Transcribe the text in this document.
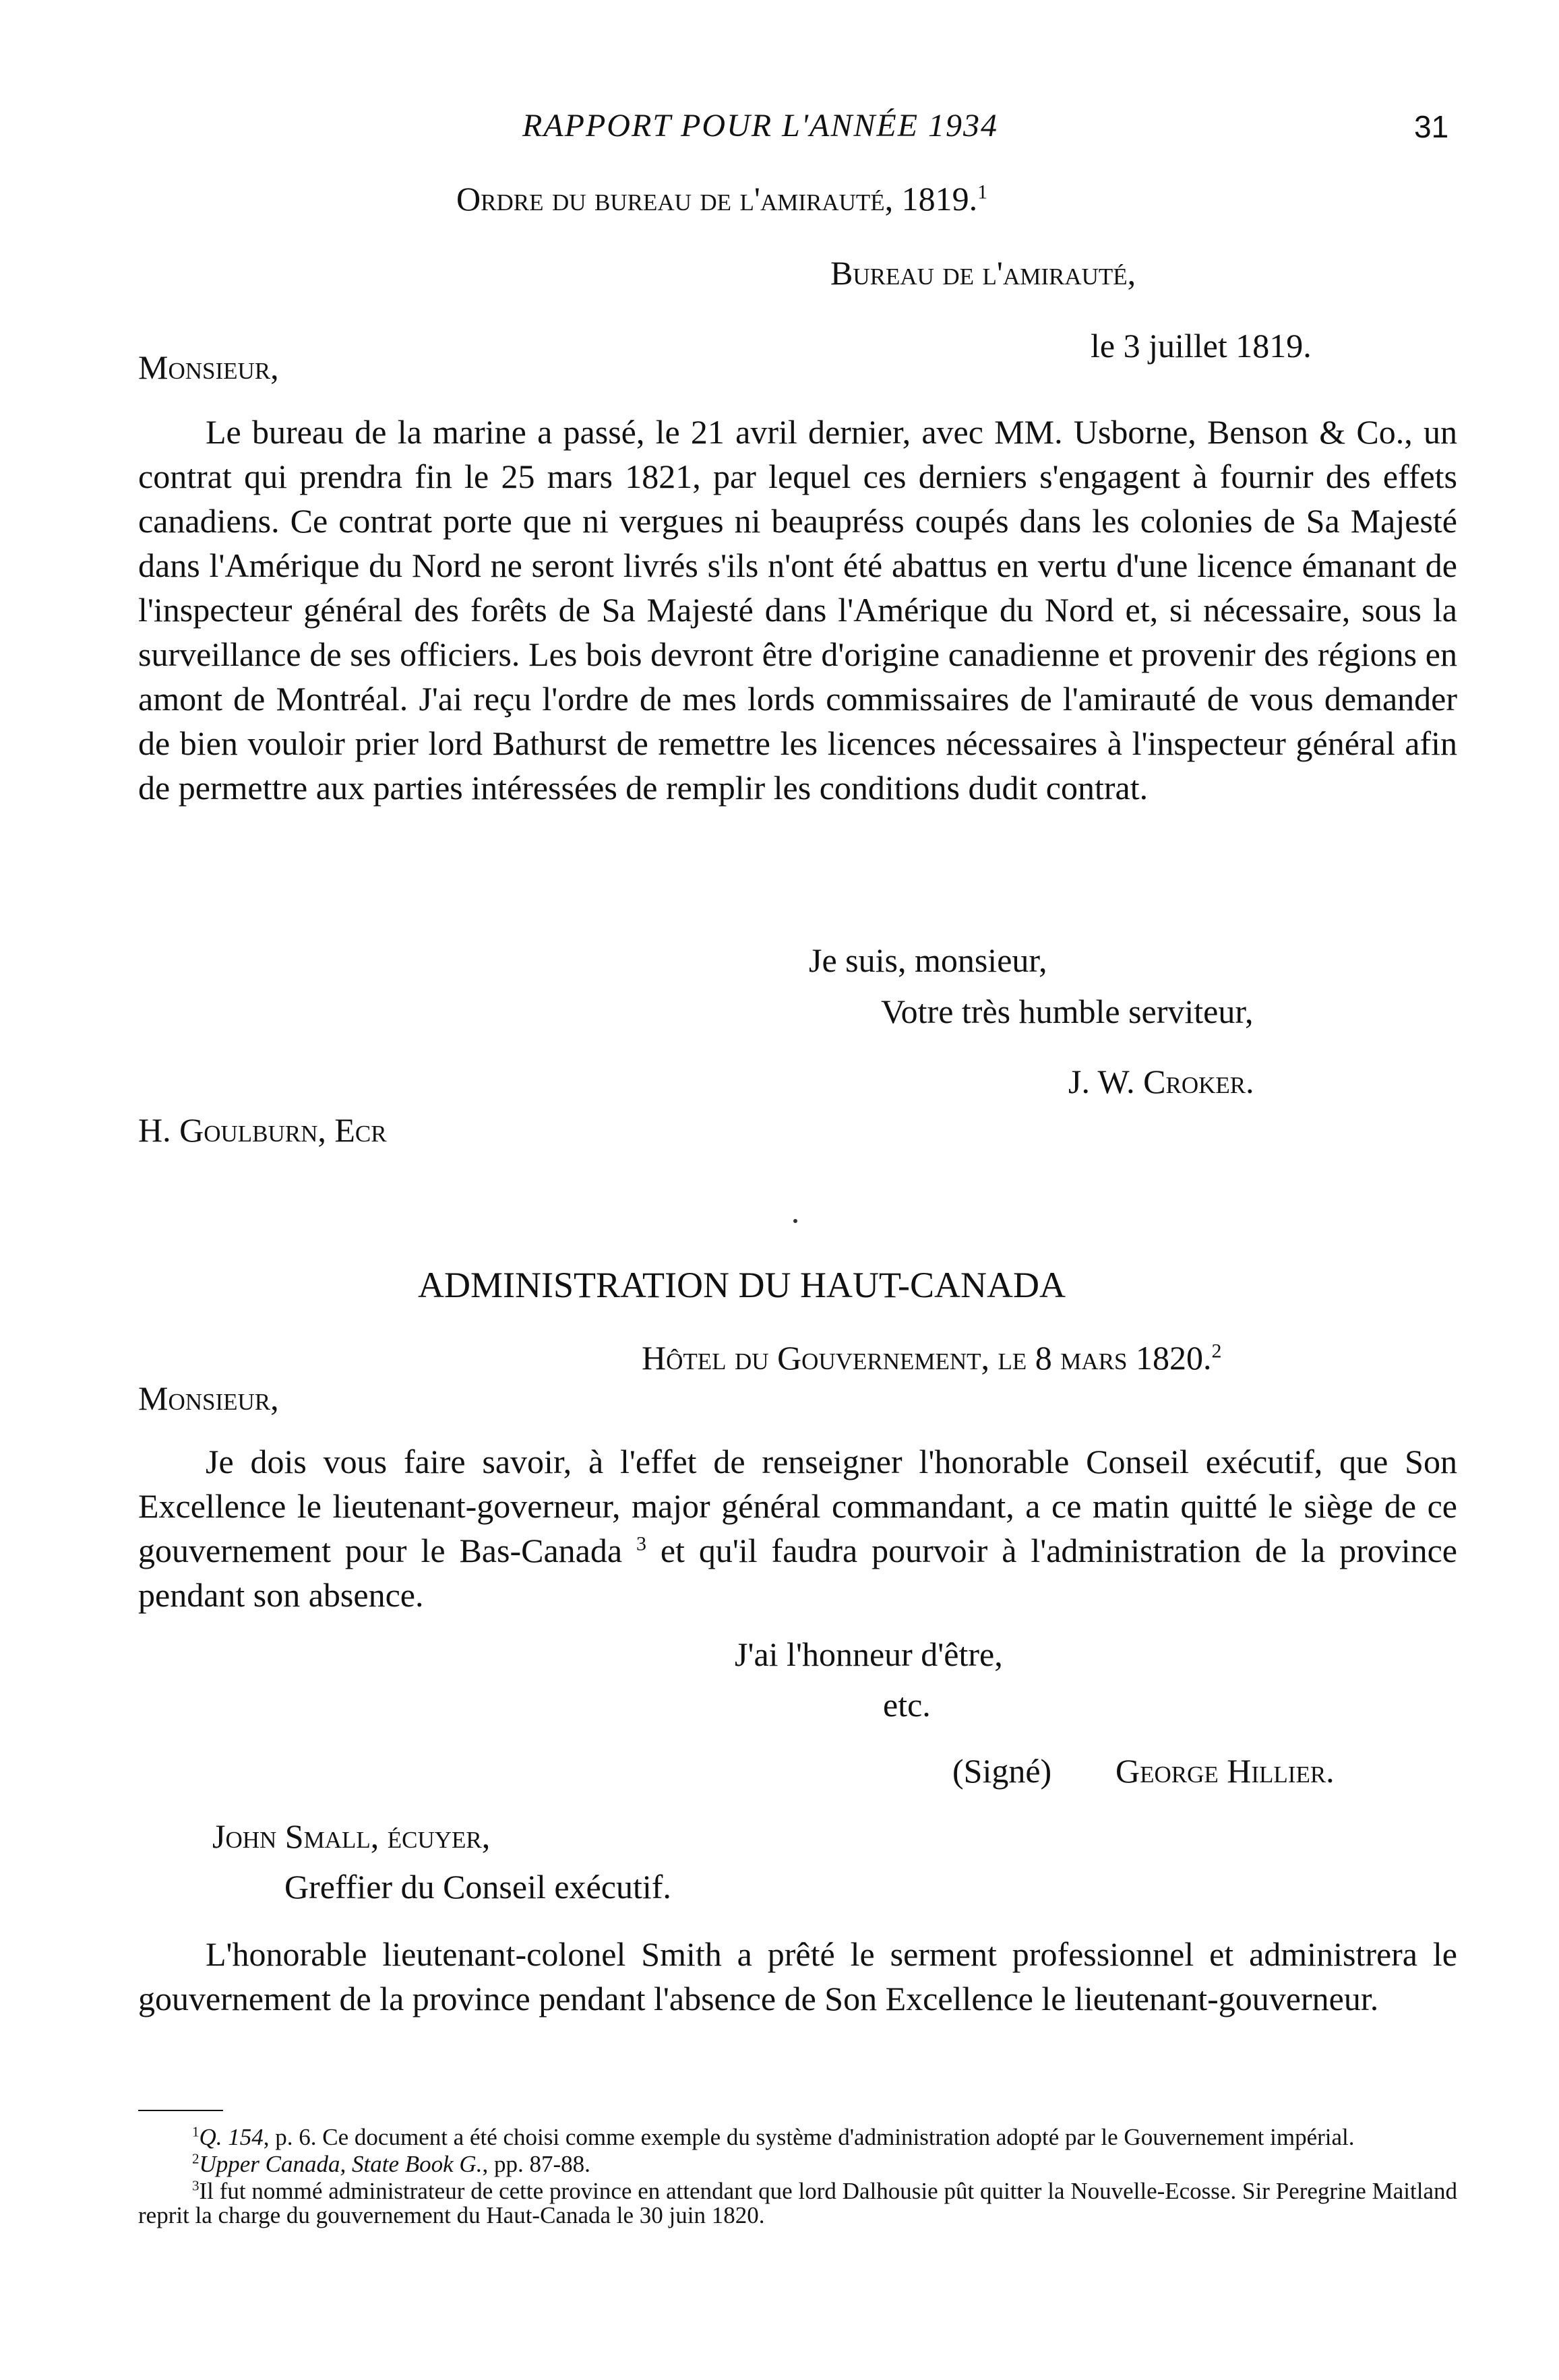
RAPPORT POUR L'ANNÉE 1934	31
Ordre du bureau de l'amirauté, 1819.$^1$
Bureau de l'amirauté,
le 3 juillet 1819.
Monsieur,

Le bureau de la marine a passé, le 21 avril dernier, avec MM. Usborne, Benson & Co., un contrat qui prendra fin le 25 mars 1821, par lequel ces derniers s'engagent à fournir des effets canadiens. Ce contrat porte que ni vergues ni beaupréss coupés dans les colonies de Sa Majesté dans l'Amérique du Nord ne seront livrés s'ils n'ont été abattus en vertu d'une licence émanant de l'inspecteur général des forêts de Sa Majesté dans l'Amérique du Nord et, si nécessaire, sous la surveillance de ses officiers. Les bois devront être d'origine canadienne et provenir des régions en amont de Montréal. J'ai reçu l'ordre de mes lords commissaires de l'amirauté de vous demander de bien vouloir prier lord Bathurst de remettre les licences nécessaires à l'inspecteur général afin de permettre aux parties intéressées de remplir les conditions dudit contrat.

Je suis, monsieur,
Votre très humble serviteur,
J. W. Croker.
H. Goulburn, Ecr
ADMINISTRATION DU HAUT-CANADA
Hôtel du Gouvernement, le 8 mars 1820.$^2$
Monsieur,

Je dois vous faire savoir, à l'effet de renseigner l'honorable Conseil exécutif, que Son Excellence le lieutenant-governeur, major général commandant, a ce matin quitté le siège de ce gouvernement pour le Bas-Canada $^3$ et qu'il faudra pourvoir à l'administration de la province pendant son absence.

J'ai l'honneur d'être,
etc.
(Signé) George Hillier.
John Small, écuyer,
Greffier du Conseil exécutif.

L'honorable lieutenant-colonel Smith a prêté le serment professionnel et administrera le gouvernement de la province pendant l'absence de Son Excellence le lieutenant-gouverneur.

$^1$Q. 154, p. 6. Ce document a été choisi comme exemple du système d'administration adopté par le Gouvernement impérial.

$^2$Upper Canada, State Book G., pp. 87-88.

$^3$Il fut nommé administrateur de cette province en attendant que lord Dalhousie pût quitter la Nouvelle-Ecosse. Sir Peregrine Maitland reprit la charge du gouvernement du Haut-Canada le 30 juin 1820.
